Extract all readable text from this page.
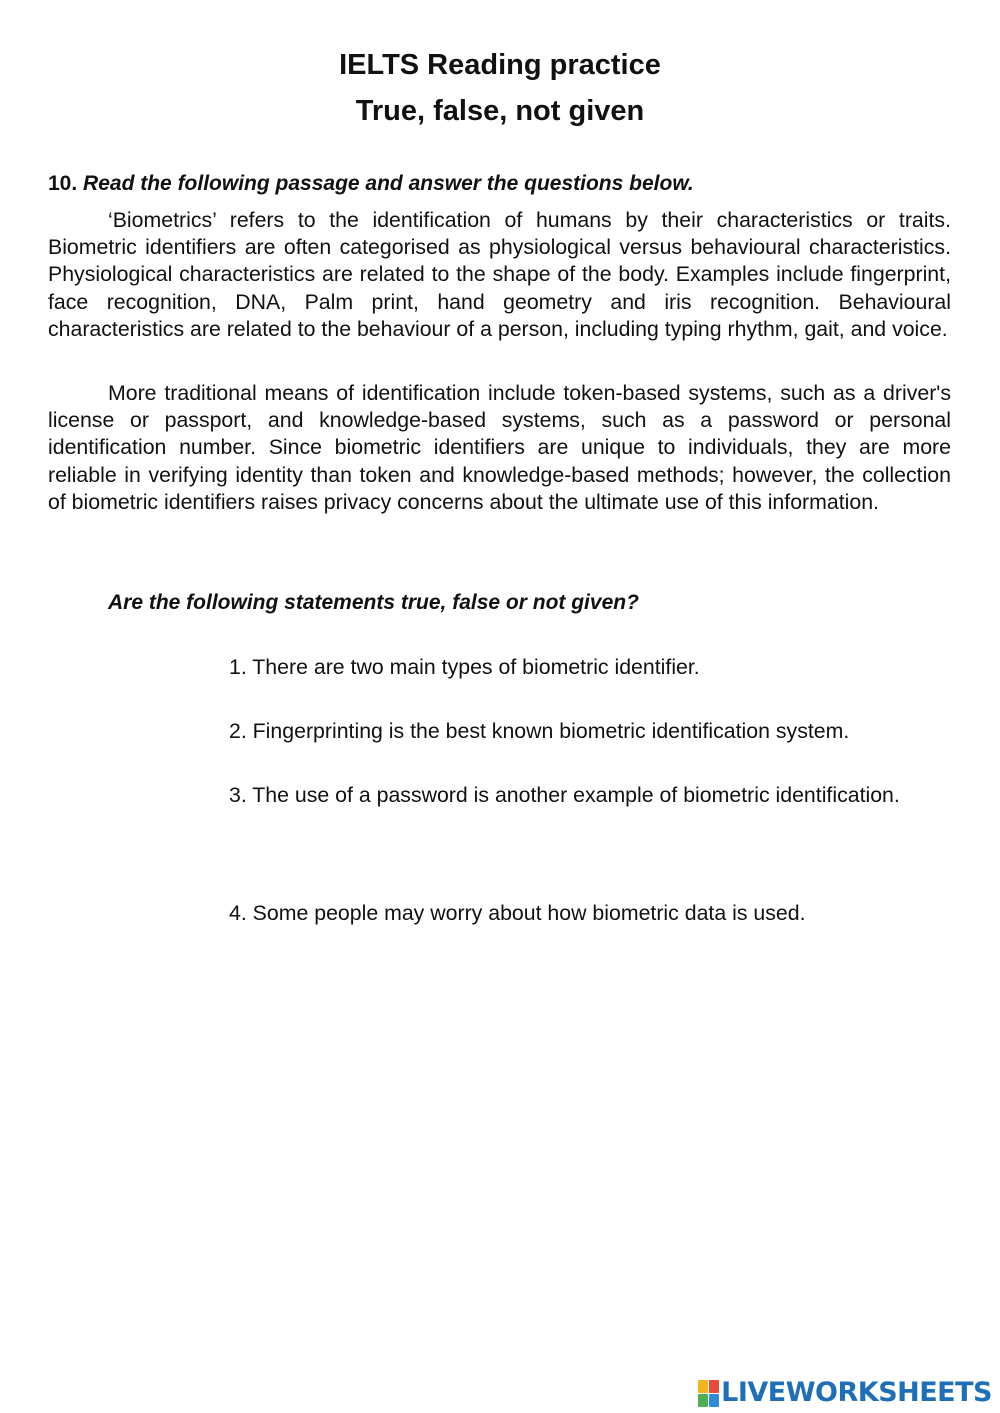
IELTS Reading practice
True, false, not given
10. Read the following passage and answer the questions below.

‘Biometrics’ refers to the identification of humans by their characteristics or traits. Biometric identifiers are often categorised as physiological versus behavioural characteristics. Physiological characteristics are related to the shape of the body. Examples include fingerprint, face recognition, DNA, Palm print, hand geometry and iris recognition. Behavioural characteristics are related to the behaviour of a person, including typing rhythm, gait, and voice.

More traditional means of identification include token-based systems, such as a driver's license or passport, and knowledge-based systems, such as a password or personal identification number. Since biometric identifiers are unique to individuals, they are more reliable in verifying identity than token and knowledge-based methods; however, the collection of biometric identifiers raises privacy concerns about the ultimate use of this information.

Are the following statements true, false or not given?

1. There are two main types of biometric identifier.

2. Fingerprinting is the best known biometric identification system.

3. The use of a password is another example of biometric identification.

4. Some people may worry about how biometric data is used.

LIVEWORKSHEETS
